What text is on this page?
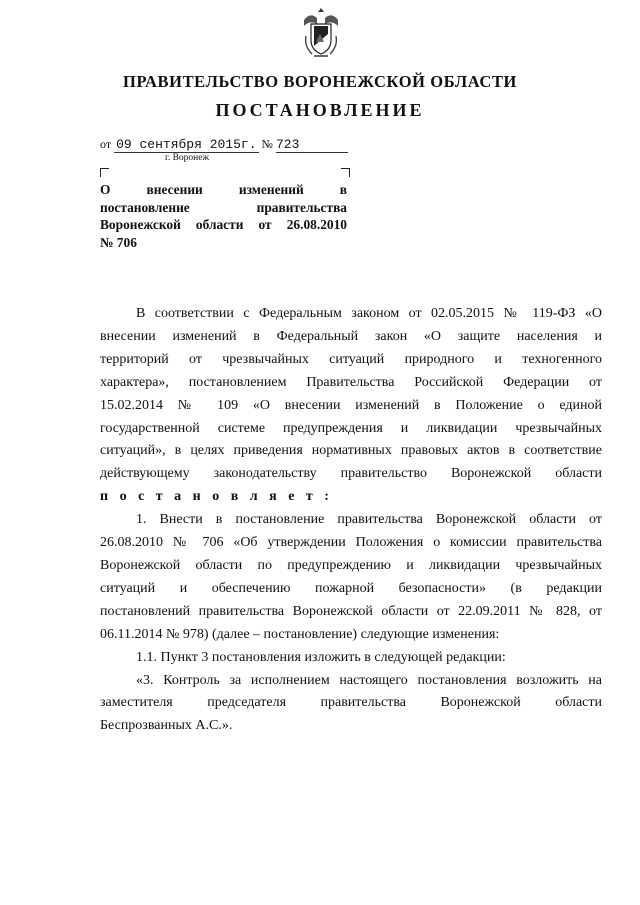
ПРАВИТЕЛЬСТВО ВОРОНЕЖСКОЙ ОБЛАСТИ
ПОСТАНОВЛЕНИЕ
от 09 сентября 2015г. № 723
г. Воронеж
О внесении изменений в
постановление правительства
Воронежской области от 26.08.2010
№ 706
В соответствии с Федеральным законом от 02.05.2015 № 119-ФЗ «О
внесении изменений в Федеральный закон «О защите населения и
территорий от чрезвычайных ситуаций природного и техногенного
характера», постановлением Правительства Российской Федерации от
15.02.2014 № 109 «О внесении изменений в Положение о единой
государственной системе предупреждения и ликвидации чрезвычайных
ситуаций», в целях приведения нормативных правовых актов в соответствие
действующему законодательству правительство Воронежской области
п о с т а н о в л я е т :
1. Внести в постановление правительства Воронежской области от
26.08.2010 № 706 «Об утверждении Положения о комиссии правительства
Воронежской области по предупреждению и ликвидации чрезвычайных
ситуаций и обеспечению пожарной безопасности» (в редакции
постановлений правительства Воронежской области от 22.09.2011 № 828, от
06.11.2014 № 978) (далее – постановление) следующие изменения:
1.1. Пункт 3 постановления изложить в следующей редакции:
«3. Контроль за исполнением настоящего постановления возложить на
заместителя председателя правительства Воронежской области
Беспрозванных А.С.».
